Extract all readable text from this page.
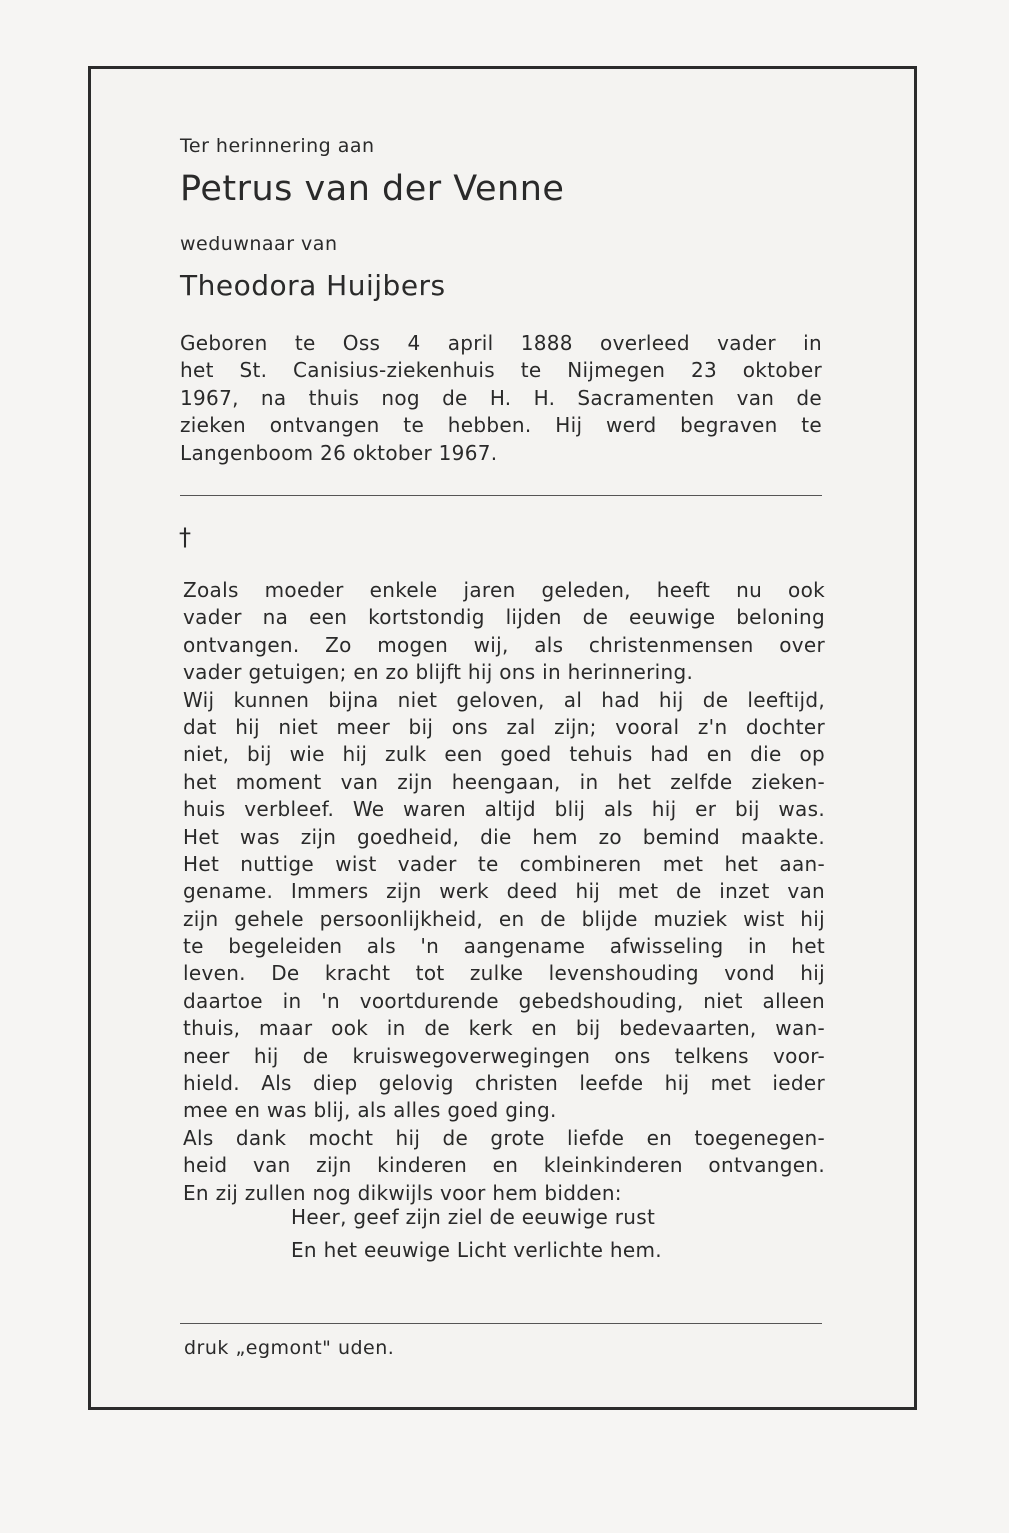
Ter herinnering aan
Petrus van der Venne
weduwnaar van
Theodora Huijbers
Geboren te Oss 4 april 1888 overleed vader in
het St. Canisius-ziekenhuis te Nijmegen 23 oktober
1967, na thuis nog de H. H. Sacramenten van de
zieken ontvangen te hebben. Hij werd begraven te
Langenboom 26 oktober 1967.
†
Zoals moeder enkele jaren geleden, heeft nu ook
vader na een kortstondig lijden de eeuwige beloning
ontvangen. Zo mogen wij, als christenmensen over
vader getuigen; en zo blijft hij ons in herinnering.
Wij kunnen bijna niet geloven, al had hij de leeftijd,
dat hij niet meer bij ons zal zijn; vooral z'n dochter
niet, bij wie hij zulk een goed tehuis had en die op
het moment van zijn heengaan, in het zelfde zieken-
huis verbleef. We waren altijd blij als hij er bij was.
Het was zijn goedheid, die hem zo bemind maakte.
Het nuttige wist vader te combineren met het aan-
gename. Immers zijn werk deed hij met de inzet van
zijn gehele persoonlijkheid, en de blijde muziek wist hij
te begeleiden als 'n aangename afwisseling in het
leven. De kracht tot zulke levenshouding vond hij
daartoe in 'n voortdurende gebedshouding, niet alleen
thuis, maar ook in de kerk en bij bedevaarten, wan-
neer hij de kruiswegoverwegingen ons telkens voor-
hield. Als diep gelovig christen leefde hij met ieder
mee en was blij, als alles goed ging.
Als dank mocht hij de grote liefde en toegenegen-
heid van zijn kinderen en kleinkinderen ontvangen.
En zij zullen nog dikwijls voor hem bidden:
Heer, geef zijn ziel de eeuwige rust
En het eeuwige Licht verlichte hem.
druk „egmont" uden.
